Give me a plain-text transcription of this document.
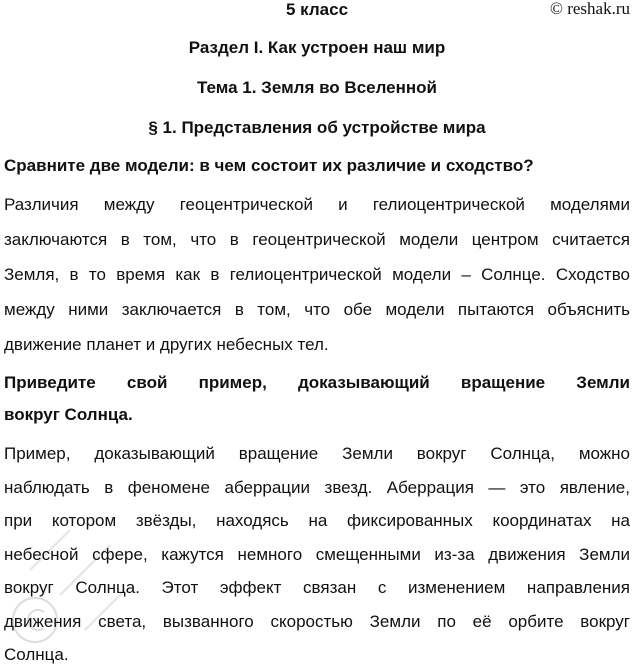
5 класс	© reshak.ru
Раздел I. Как устроен наш мир
Тема 1. Земля во Вселенной
§ 1. Представления об устройстве мира
Сравните две модели: в чем состоит их различие и сходство?
Различия между геоцентрической и гелиоцентрической моделями
заключаются в том, что в геоцентрической модели центром считается
Земля, в то время как в гелиоцентрической модели – Солнце. Сходство
между ними заключается в том, что обе модели пытаются объяснить
движение планет и других небесных тел.
Приведите свой пример, доказывающий вращение Земли
вокруг Солнца.
Пример, доказывающий вращение Земли вокруг Солнца, можно
наблюдать в феномене аберрации звезд. Аберрация — это явление,
при котором звёзды, находясь на фиксированных координатах на
небесной сфере, кажутся немного смещенными из-за движения Земли
вокруг Солнца. Этот эффект связан с изменением направления
движения света, вызванного скоростью Земли по её орбите вокруг
Солнца.
